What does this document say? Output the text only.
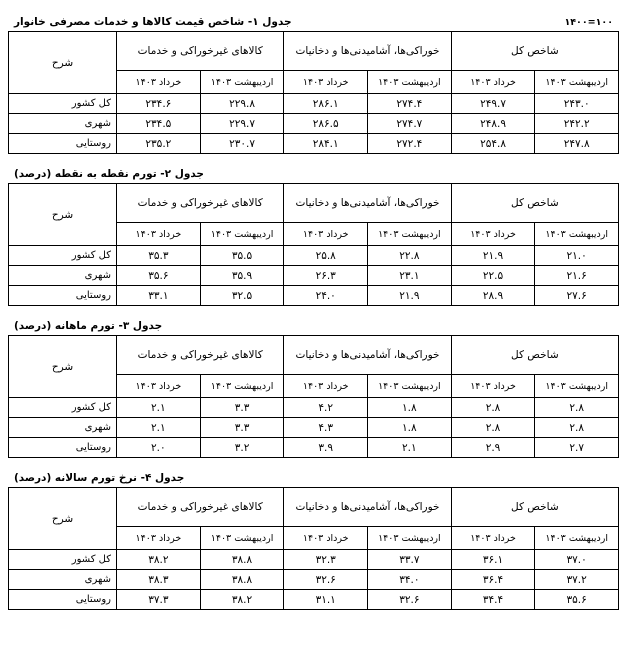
جدول ۱- شاخص قیمت کالاها و خدمات مصرفی خانوار	۱۴۰۰=۱۰۰
شاخص کل		خوراکی‌ها، آشامیدنی‌ها و دخانیات		کالاهای غیرخوراکی و خدمات		شرح
اردیبهشت ۱۴۰۳	خرداد ۱۴۰۳	اردیبهشت ۱۴۰۳	خرداد ۱۴۰۳	اردیبهشت ۱۴۰۳	خرداد ۱۴۰۳	
۲۴۳.۰	۲۴۹.۷	۲۷۴.۴	۲۸۶.۱	۲۲۹.۸	۲۳۴.۶	کل کشور
۲۴۲.۲	۲۴۸.۹	۲۷۴.۷	۲۸۶.۵	۲۲۹.۷	۲۳۴.۵	شهری
۲۴۷.۸	۲۵۴.۸	۲۷۲.۴	۲۸۴.۱	۲۳۰.۷	۲۳۵.۲	روستایی
جدول ۲- تورم نقطه به نقطه (درصد)
شاخص کل		خوراکی‌ها، آشامیدنی‌ها و دخانیات		کالاهای غیرخوراکی و خدمات		شرح
اردیبهشت ۱۴۰۳	خرداد ۱۴۰۳	اردیبهشت ۱۴۰۳	خرداد ۱۴۰۳	اردیبهشت ۱۴۰۳	خرداد ۱۴۰۳	
۲۱.۰	۲۱.۹	۲۲.۸	۲۵.۸	۳۵.۵	۳۵.۳	کل کشور
۲۱.۶	۲۲.۵	۲۳.۱	۲۶.۳	۳۵.۹	۳۵.۶	شهری
۲۷.۶	۲۸.۹	۲۱.۹	۲۴.۰	۳۲.۵	۳۳.۱	روستایی
جدول ۳- تورم ماهانه (درصد)
شاخص کل		خوراکی‌ها، آشامیدنی‌ها و دخانیات		کالاهای غیرخوراکی و خدمات		شرح
اردیبهشت ۱۴۰۳	خرداد ۱۴۰۳	اردیبهشت ۱۴۰۳	خرداد ۱۴۰۳	اردیبهشت ۱۴۰۳	خرداد ۱۴۰۳	
۲.۸	۲.۸	۱.۸	۴.۲	۳.۳	۲.۱	کل کشور
۲.۸	۲.۸	۱.۸	۴.۳	۳.۳	۲.۱	شهری
۲.۷	۲.۹	۲.۱	۳.۹	۳.۲	۲.۰	روستایی
جدول ۴- نرخ تورم سالانه (درصد)
شاخص کل		خوراکی‌ها، آشامیدنی‌ها و دخانیات		کالاهای غیرخوراکی و خدمات		شرح
اردیبهشت ۱۴۰۳	خرداد ۱۴۰۳	اردیبهشت ۱۴۰۳	خرداد ۱۴۰۳	اردیبهشت ۱۴۰۳	خرداد ۱۴۰۳	
۳۷.۰	۳۶.۱	۳۳.۷	۳۲.۳	۳۸.۸	۳۸.۲	کل کشور
۳۷.۲	۳۶.۴	۳۴.۰	۳۲.۶	۳۸.۸	۳۸.۳	شهری
۳۵.۶	۳۴.۴	۳۲.۶	۳۱.۱	۳۸.۲	۳۷.۳	روستایی
